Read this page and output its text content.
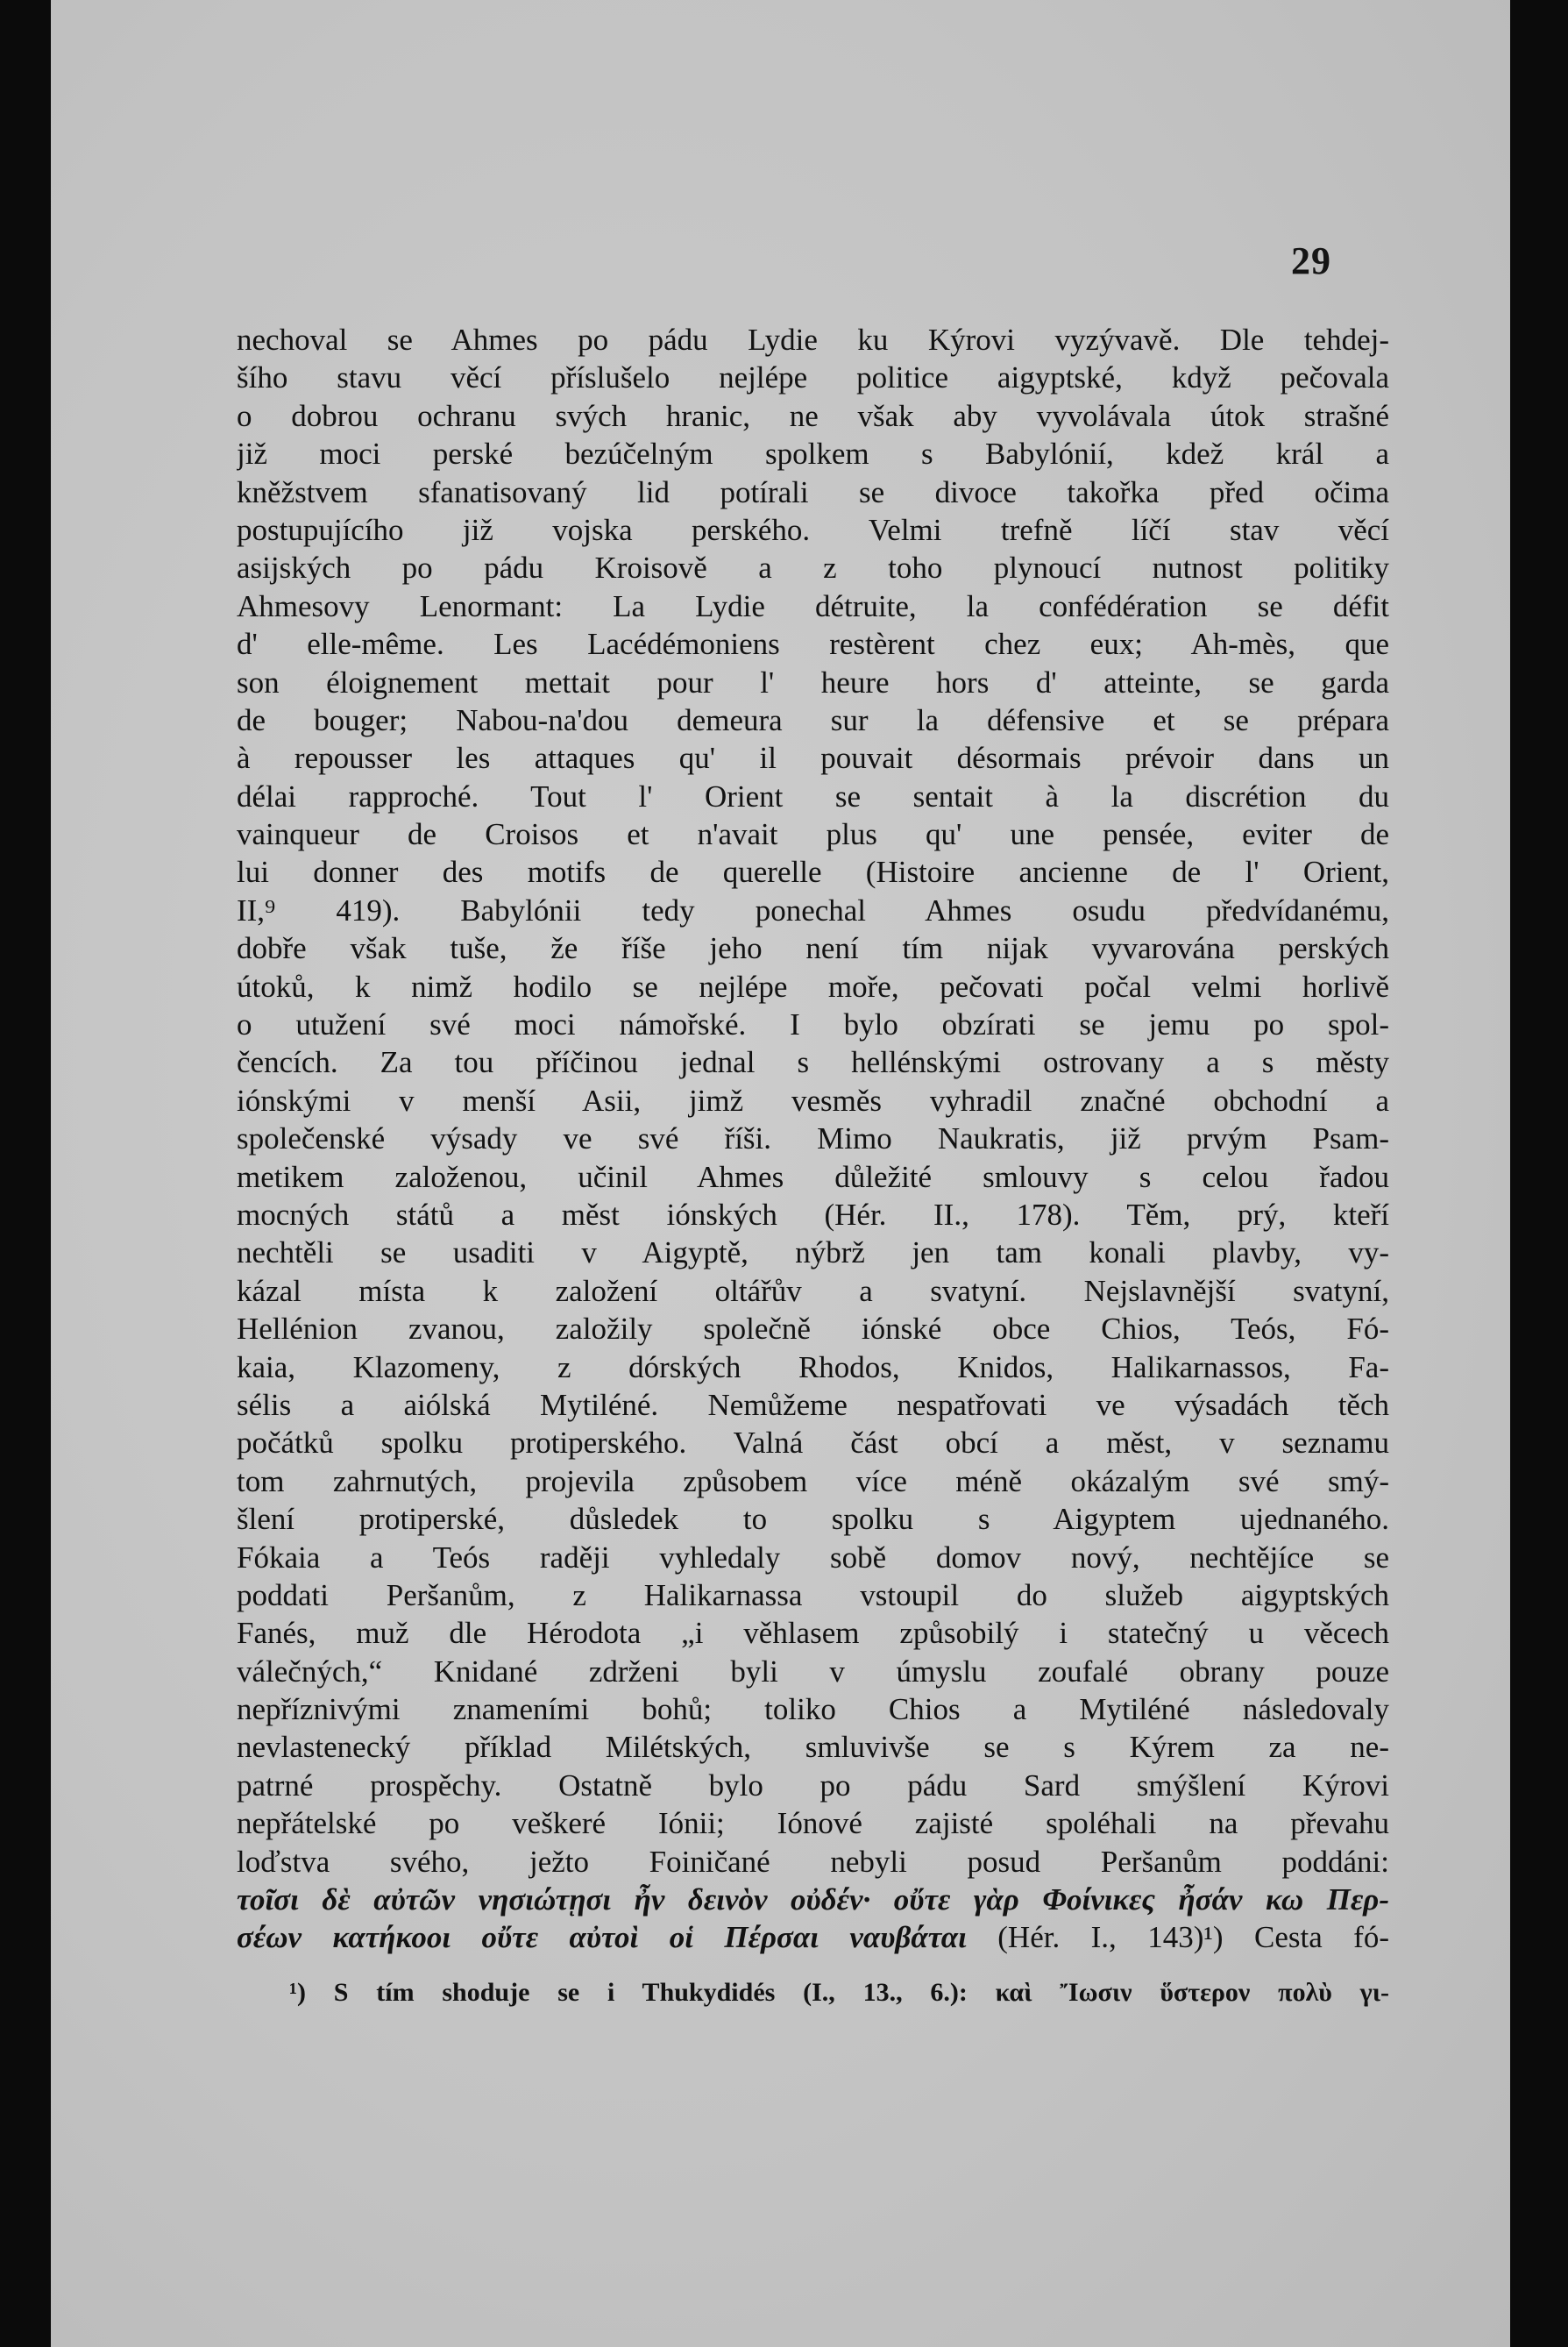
29
nechoval se Ahmes po pádu Lydie ku Kýrovi vyzývavě. Dle tehdej-
šího stavu věcí příslušelo nejlépe politice aigyptské, když pečovala
o dobrou ochranu svých hranic, ne však aby vyvolávala útok strašné
již moci perské bezúčelným spolkem s Babylónií, kdež král a
kněžstvem sfanatisovaný lid potírali se divoce takořka před očima
postupujícího již vojska perského. Velmi trefně líčí stav věcí
asijských po pádu Kroisově a z toho plynoucí nutnost politiky
Ahmesovy Lenormant: La Lydie détruite, la confédération se défit
d' elle-même. Les Lacédémoniens restèrent chez eux; Ah-mès, que
son éloignement mettait pour l' heure hors d' atteinte, se garda
de bouger; Nabou-na'dou demeura sur la défensive et se prépara
à repousser les attaques qu' il pouvait désormais prévoir dans un
délai rapproché. Tout l' Orient se sentait à la discrétion du
vainqueur de Croisos et n'avait plus qu' une pensée, eviter de
lui donner des motifs de querelle (Histoire ancienne de l' Orient,
II,⁹ 419). Babylónii tedy ponechal Ahmes osudu předvídanému,
dobře však tuše, že říše jeho není tím nijak vyvarována perských
útoků, k nimž hodilo se nejlépe moře, pečovati počal velmi horlivě
o utužení své moci námořské. I bylo obzírati se jemu po spol-
čencích. Za tou příčinou jednal s hellénskými ostrovany a s městy
iónskými v menší Asii, jimž vesměs vyhradil značné obchodní a
společenské výsady ve své říši. Mimo Naukratis, již prvým Psam-
metikem založenou, učinil Ahmes důležité smlouvy s celou řadou
mocných států a měst iónských (Hér. II., 178). Těm, prý, kteří
nechtěli se usaditi v Aigyptě, nýbrž jen tam konali plavby, vy-
kázal místa k založení oltářův a svatyní. Nejslavnější svatyní,
Hellénion zvanou, založily společně iónské obce Chios, Teós, Fó-
kaia, Klazomeny, z dórských Rhodos, Knidos, Halikarnassos, Fa-
sélis a aiólská Mytiléné. Nemůžeme nespatřovati ve výsadách těch
počátků spolku protiperského. Valná část obcí a měst, v seznamu
tom zahrnutých, projevila způsobem více méně okázalým své smý-
šlení protiperské, důsledek to spolku s Aigyptem ujednaného.
Fókaia a Teós raději vyhledaly sobě domov nový, nechtějíce se
poddati Peršanům, z Halikarnassa vstoupil do služeb aigyptských
Fanés, muž dle Hérodota „i věhlasem způsobilý i statečný u věcech
válečných,“ Knidané zdrženi byli v úmyslu zoufalé obrany pouze
nepříznivými znameními bohů; toliko Chios a Mytiléné následovaly
nevlastenecký příklad Milétských, smluvivše se s Kýrem za ne-
patrné prospěchy. Ostatně bylo po pádu Sard smýšlení Kýrovi
nepřátelské po veškeré Iónii; Iónové zajisté spoléhali na převahu
loďstva svého, ježto Foiničané nebyli posud Peršanům poddáni:
τοῖσι δὲ αὐτῶν νησιώτῃσι ἦν δεινὸν οὐδέν· οὔτε γὰρ Φοίνικες ἦσάν κω Περ-
σέων κατήκοοι οὔτε αὐτοὶ οἱ Πέρσαι ναυβάται (Hér. I., 143)¹) Cesta fó-
¹) S tím shoduje se i Thukydidés (I., 13., 6.): καὶ Ἴωσιν ὕστερον πολὺ γι-
